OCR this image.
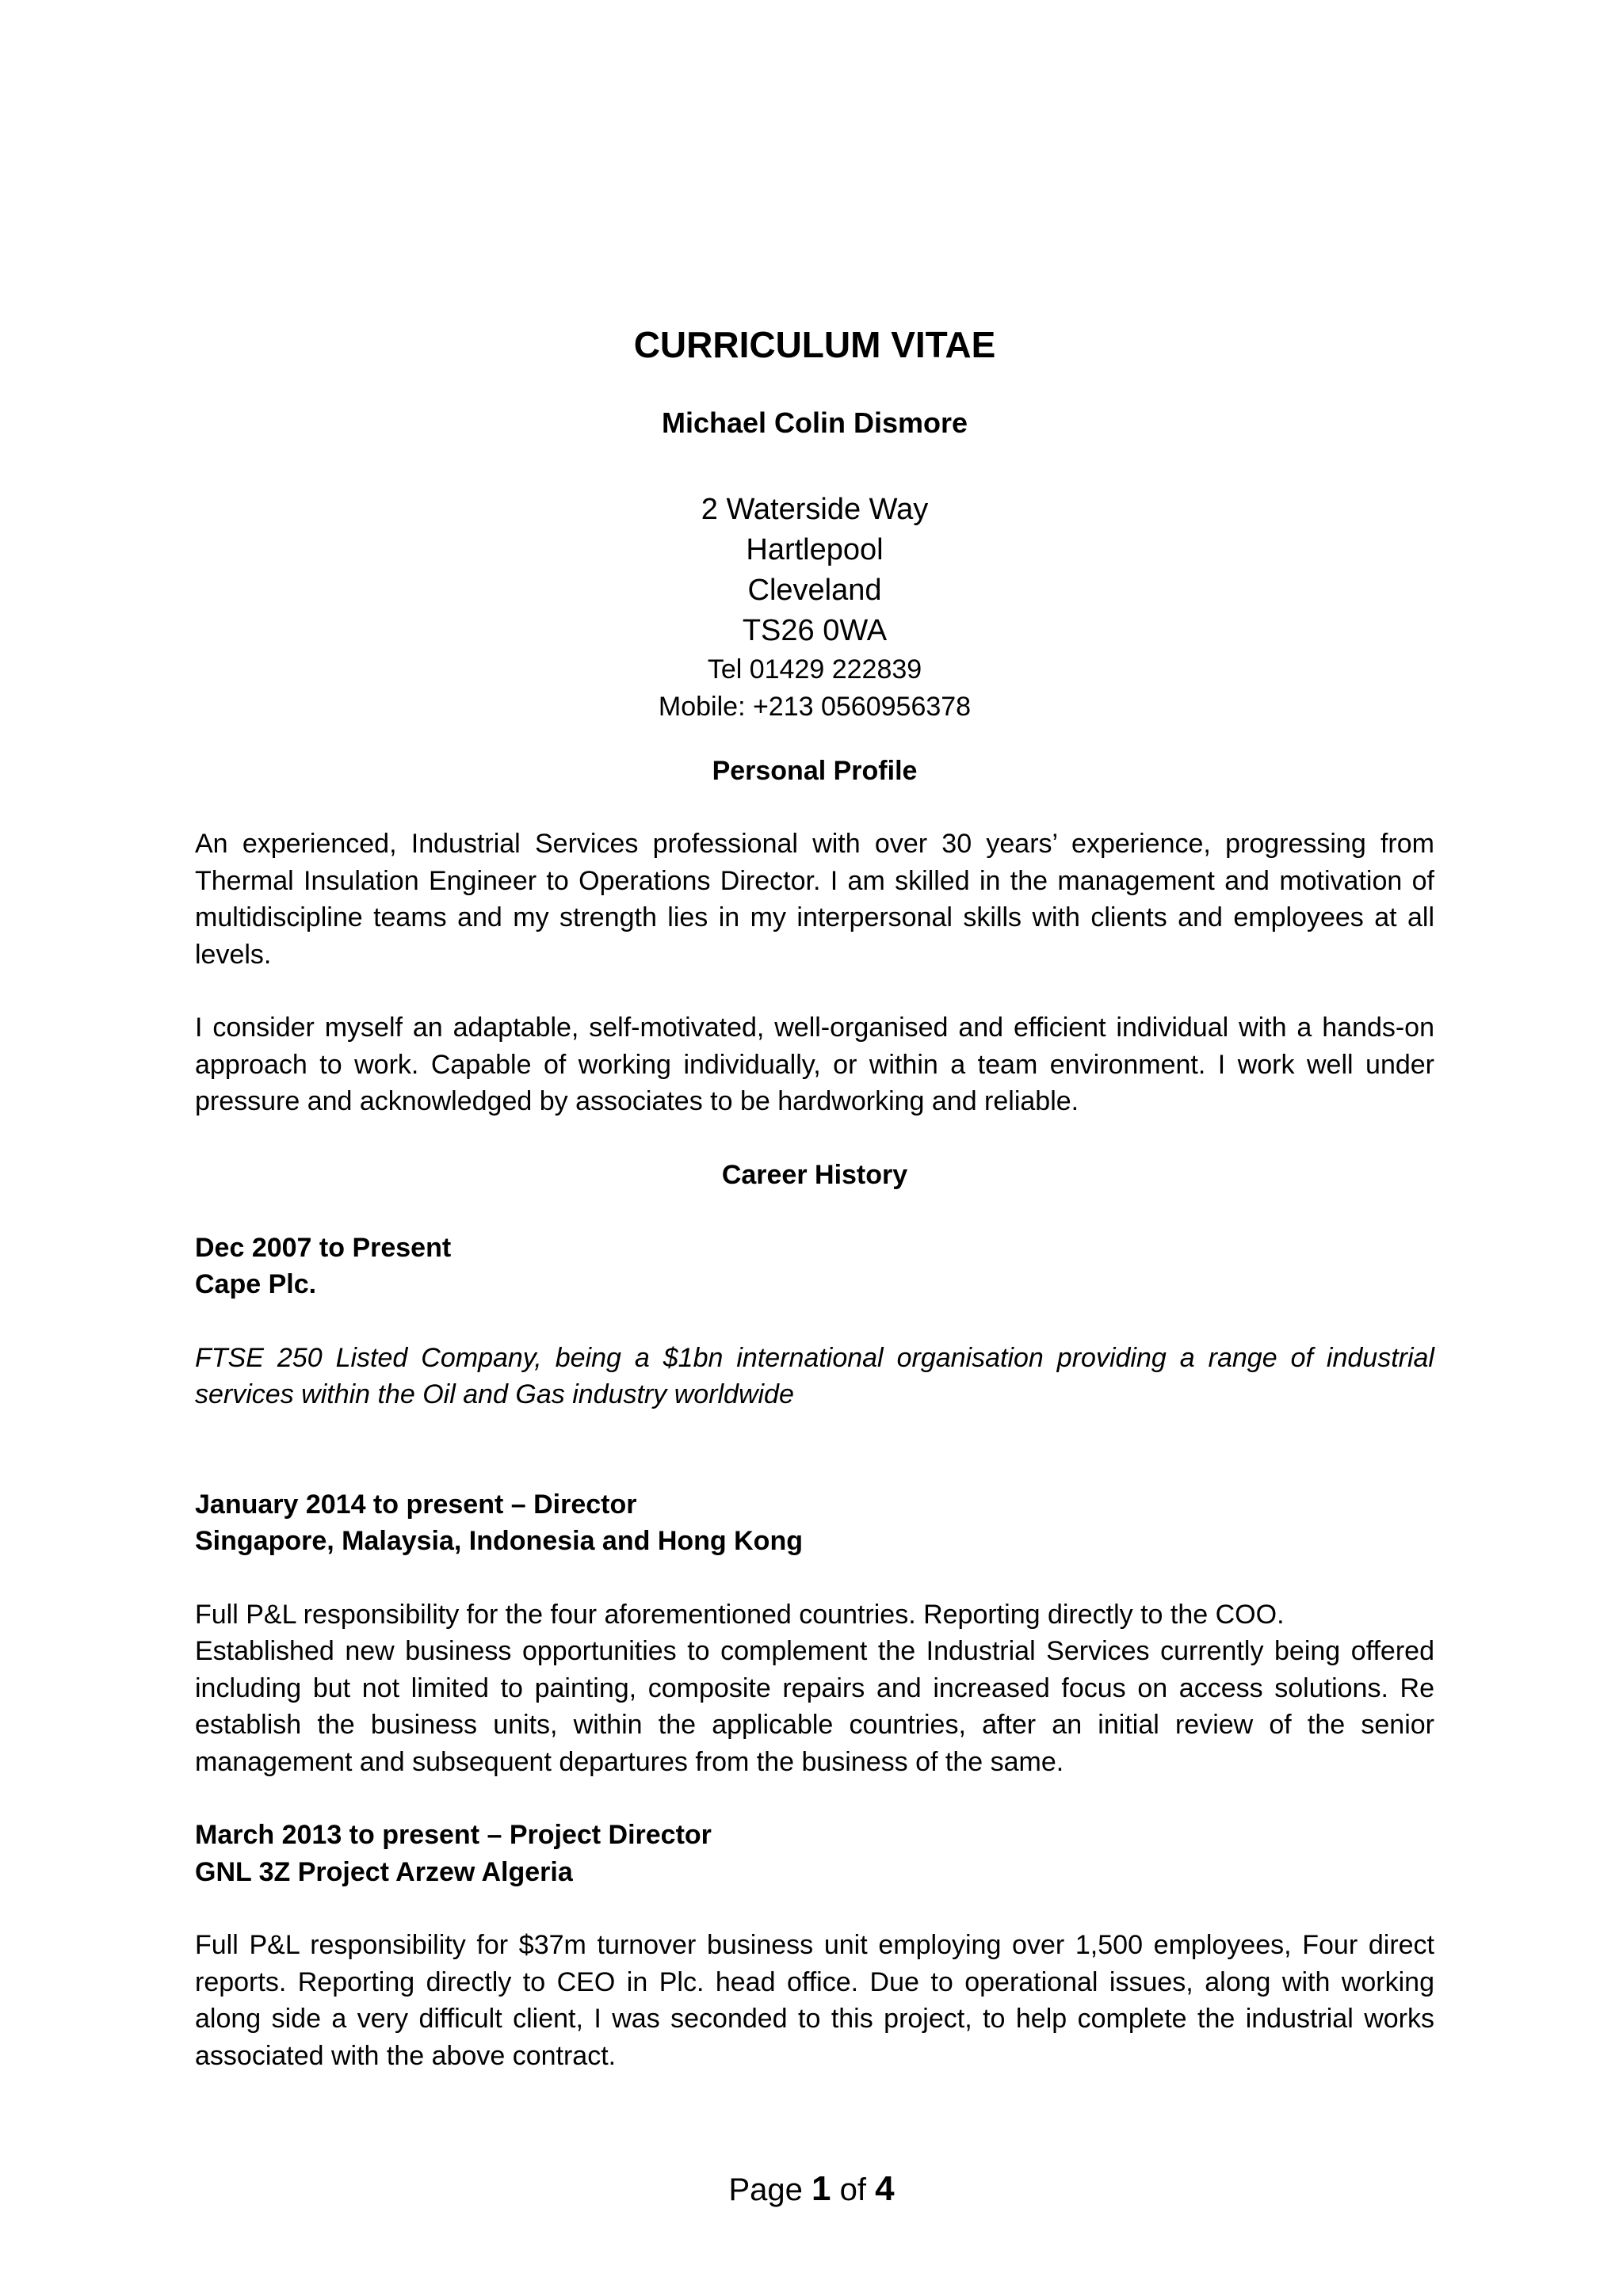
CURRICULUM VITAE

Michael Colin Dismore

2 Waterside Way

Hartlepool

Cleveland

TS26 0WA

Tel 01429 222839

Mobile: +213 0560956378

Personal Profile

An experienced, Industrial Services professional with over 30 years’ experience, progressing from Thermal Insulation Engineer to Operations Director. I am skilled in the management and motivation of multidiscipline teams and my strength lies in my interpersonal skills with clients and employees at all levels.

I consider myself an adaptable, self-motivated, well-organised and efficient individual with a hands-on approach to work. Capable of working individually, or within a team environment. I work well under pressure and acknowledged by associates to be hardworking and reliable.

Career History

Dec 2007 to Present

Cape Plc.

FTSE 250 Listed Company, being a $1bn international organisation providing a range of industrial services within the Oil and Gas industry worldwide

January 2014 to present – Director

Singapore, Malaysia, Indonesia and Hong Kong

Full P&L responsibility for the four aforementioned countries. Reporting directly to the COO.

Established new business opportunities to complement the Industrial Services currently being offered including but not limited to painting, composite repairs and increased focus on access solutions. Re establish the business units, within the applicable countries, after an initial review of the senior management and subsequent departures from the business of the same.

March 2013 to present – Project Director

GNL 3Z Project Arzew Algeria

Full P&L responsibility for $37m turnover business unit employing over 1,500 employees, Four direct reports. Reporting directly to CEO in Plc. head office. Due to operational issues, along with working along side a very difficult client, I was seconded to this project, to help complete the industrial works associated with the above contract.

Page 1 of 4
